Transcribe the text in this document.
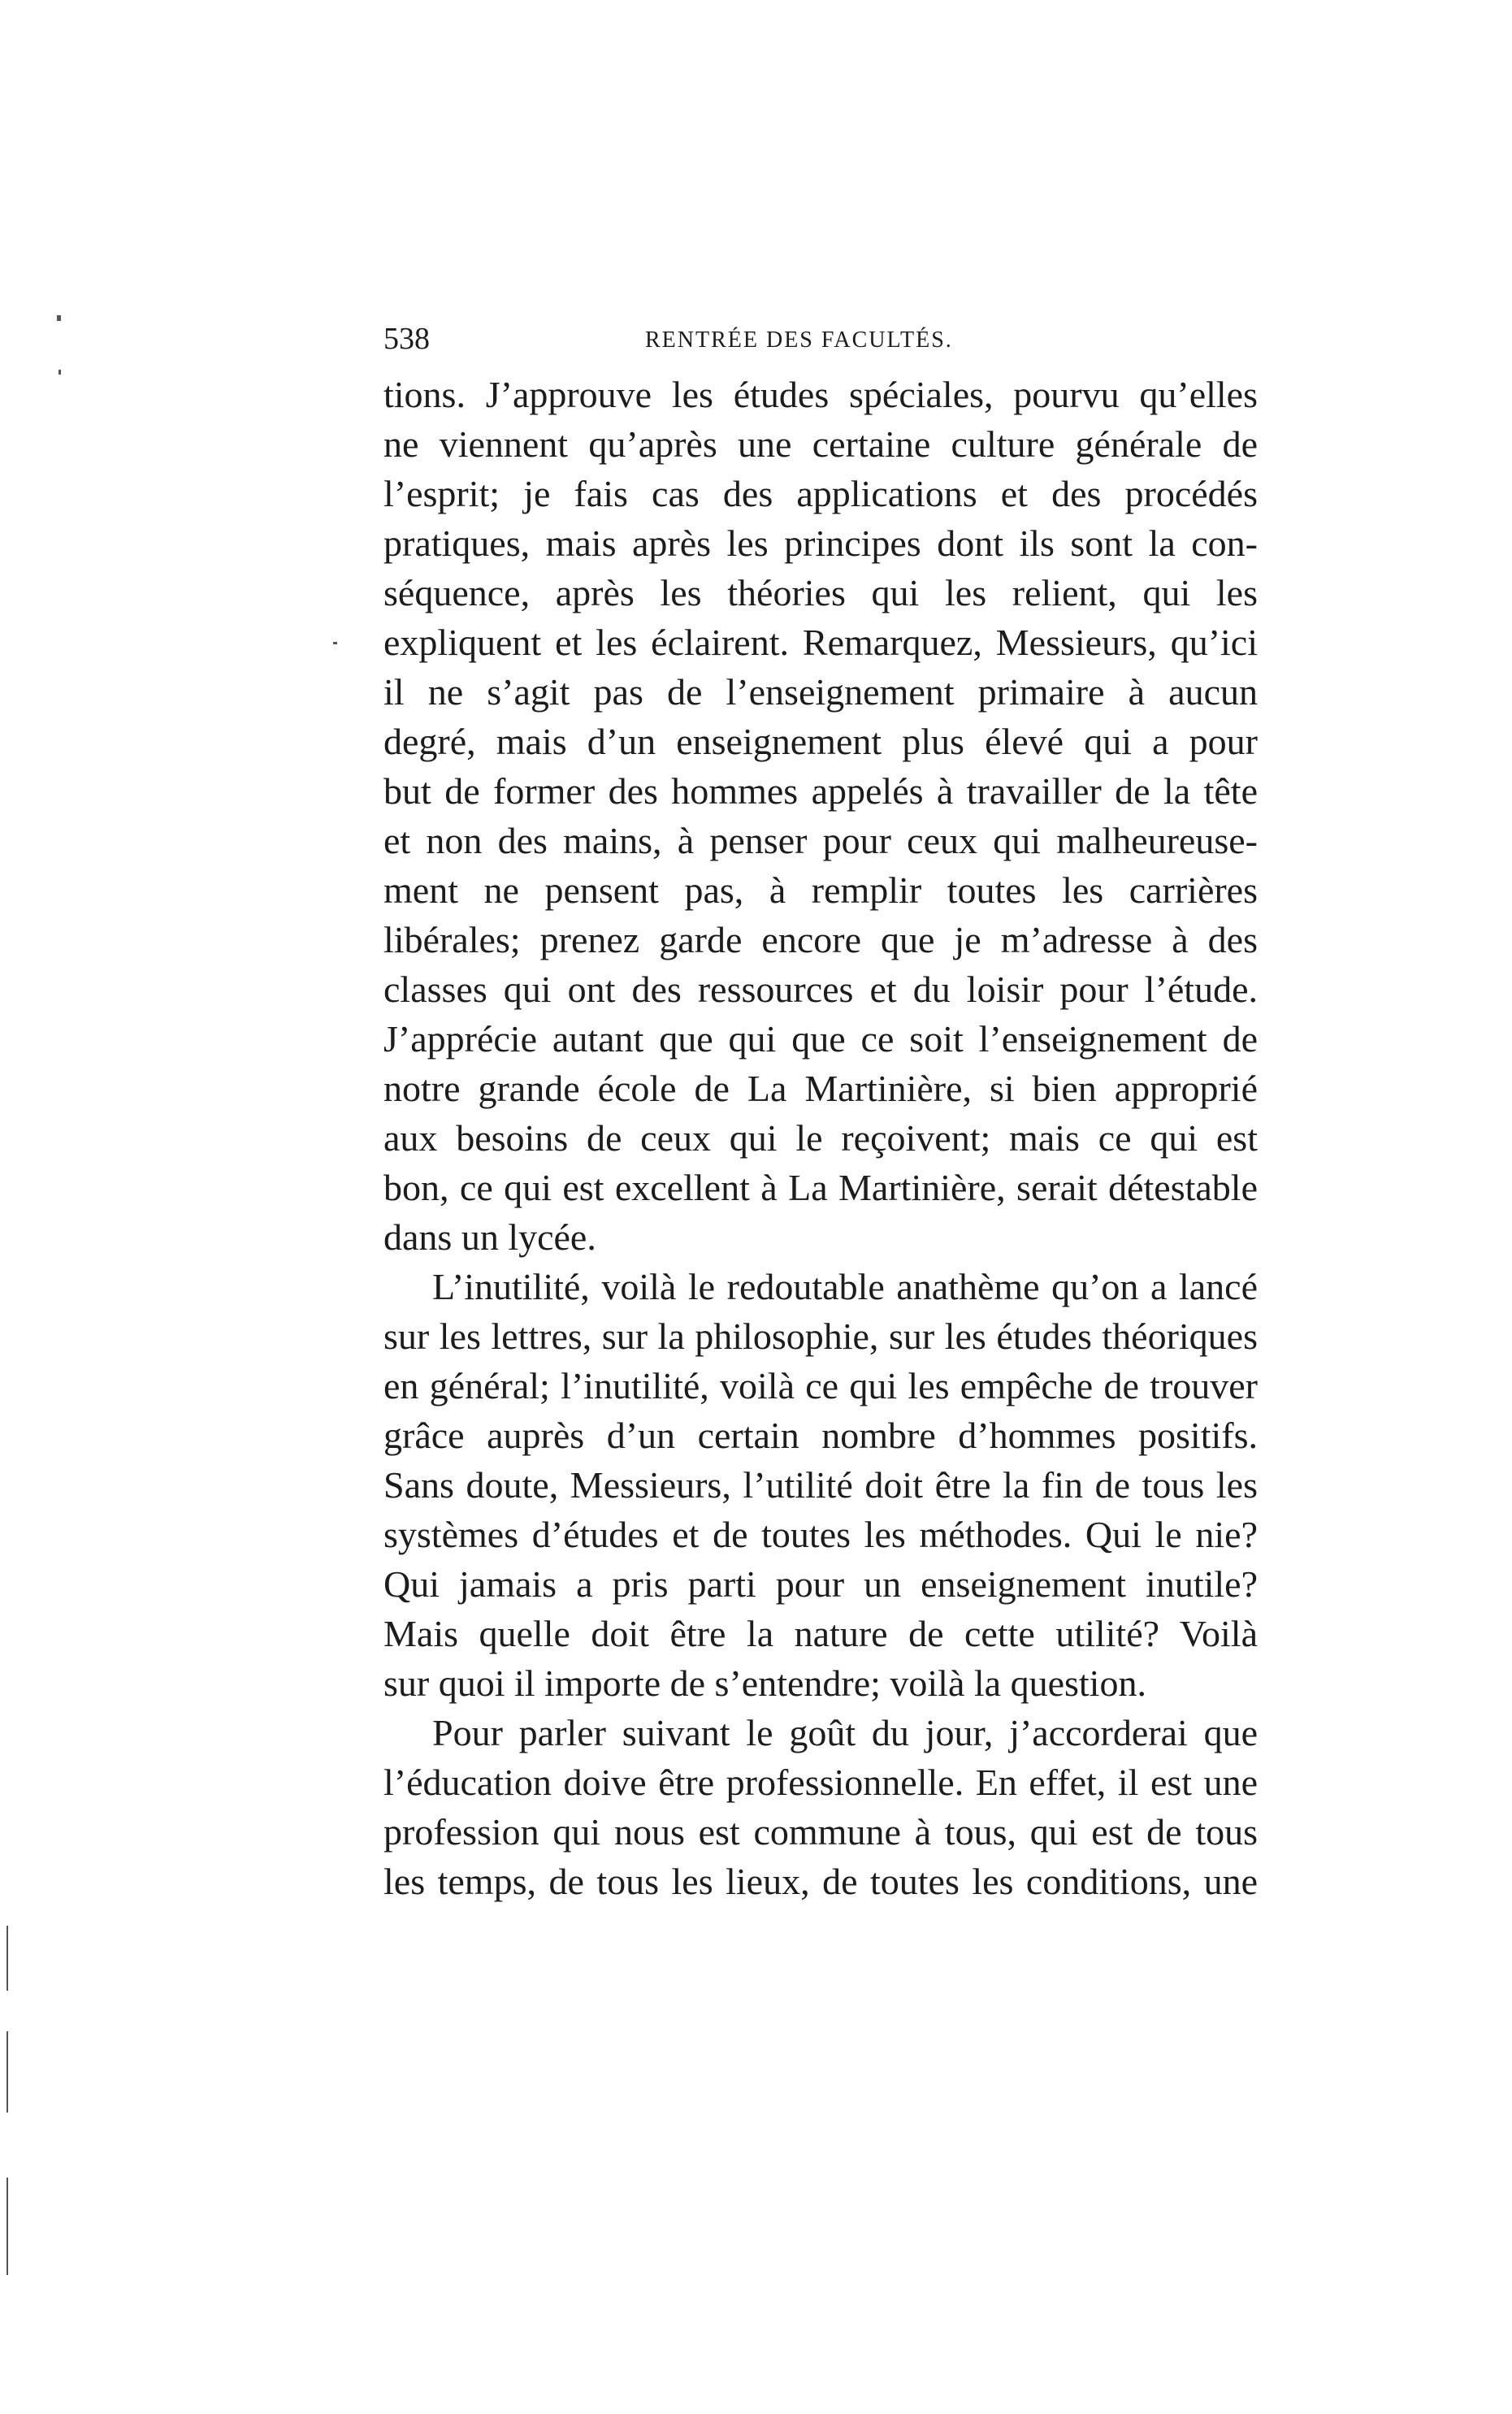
538	RENTRÉE DES FACULTÉS.
tions. J’approuve les études spéciales, pourvu qu’elles
ne viennent qu’après une certaine culture générale de
l’esprit; je fais cas des applications et des procédés
pratiques, mais après les principes dont ils sont la con-
séquence, après les théories qui les relient, qui les
expliquent et les éclairent. Remarquez, Messieurs, qu’ici
il ne s’agit pas de l’enseignement primaire à aucun
degré, mais d’un enseignement plus élevé qui a pour
but de former des hommes appelés à travailler de la tête
et non des mains, à penser pour ceux qui malheureuse-
ment ne pensent pas, à remplir toutes les carrières
libérales; prenez garde encore que je m’adresse à des
classes qui ont des ressources et du loisir pour l’étude.
J’apprécie autant que qui que ce soit l’enseignement de
notre grande école de La Martinière, si bien approprié
aux besoins de ceux qui le reçoivent; mais ce qui est
bon, ce qui est excellent à La Martinière, serait détestable
dans un lycée.
L’inutilité, voilà le redoutable anathème qu’on a lancé
sur les lettres, sur la philosophie, sur les études théoriques
en général; l’inutilité, voilà ce qui les empêche de trouver
grâce auprès d’un certain nombre d’hommes positifs.
Sans doute, Messieurs, l’utilité doit être la fin de tous les
systèmes d’études et de toutes les méthodes. Qui le nie?
Qui jamais a pris parti pour un enseignement inutile?
Mais quelle doit être la nature de cette utilité? Voilà
sur quoi il importe de s’entendre; voilà la question.
Pour parler suivant le goût du jour, j’accorderai que
l’éducation doive être professionnelle. En effet, il est une
profession qui nous est commune à tous, qui est de tous
les temps, de tous les lieux, de toutes les conditions, une
